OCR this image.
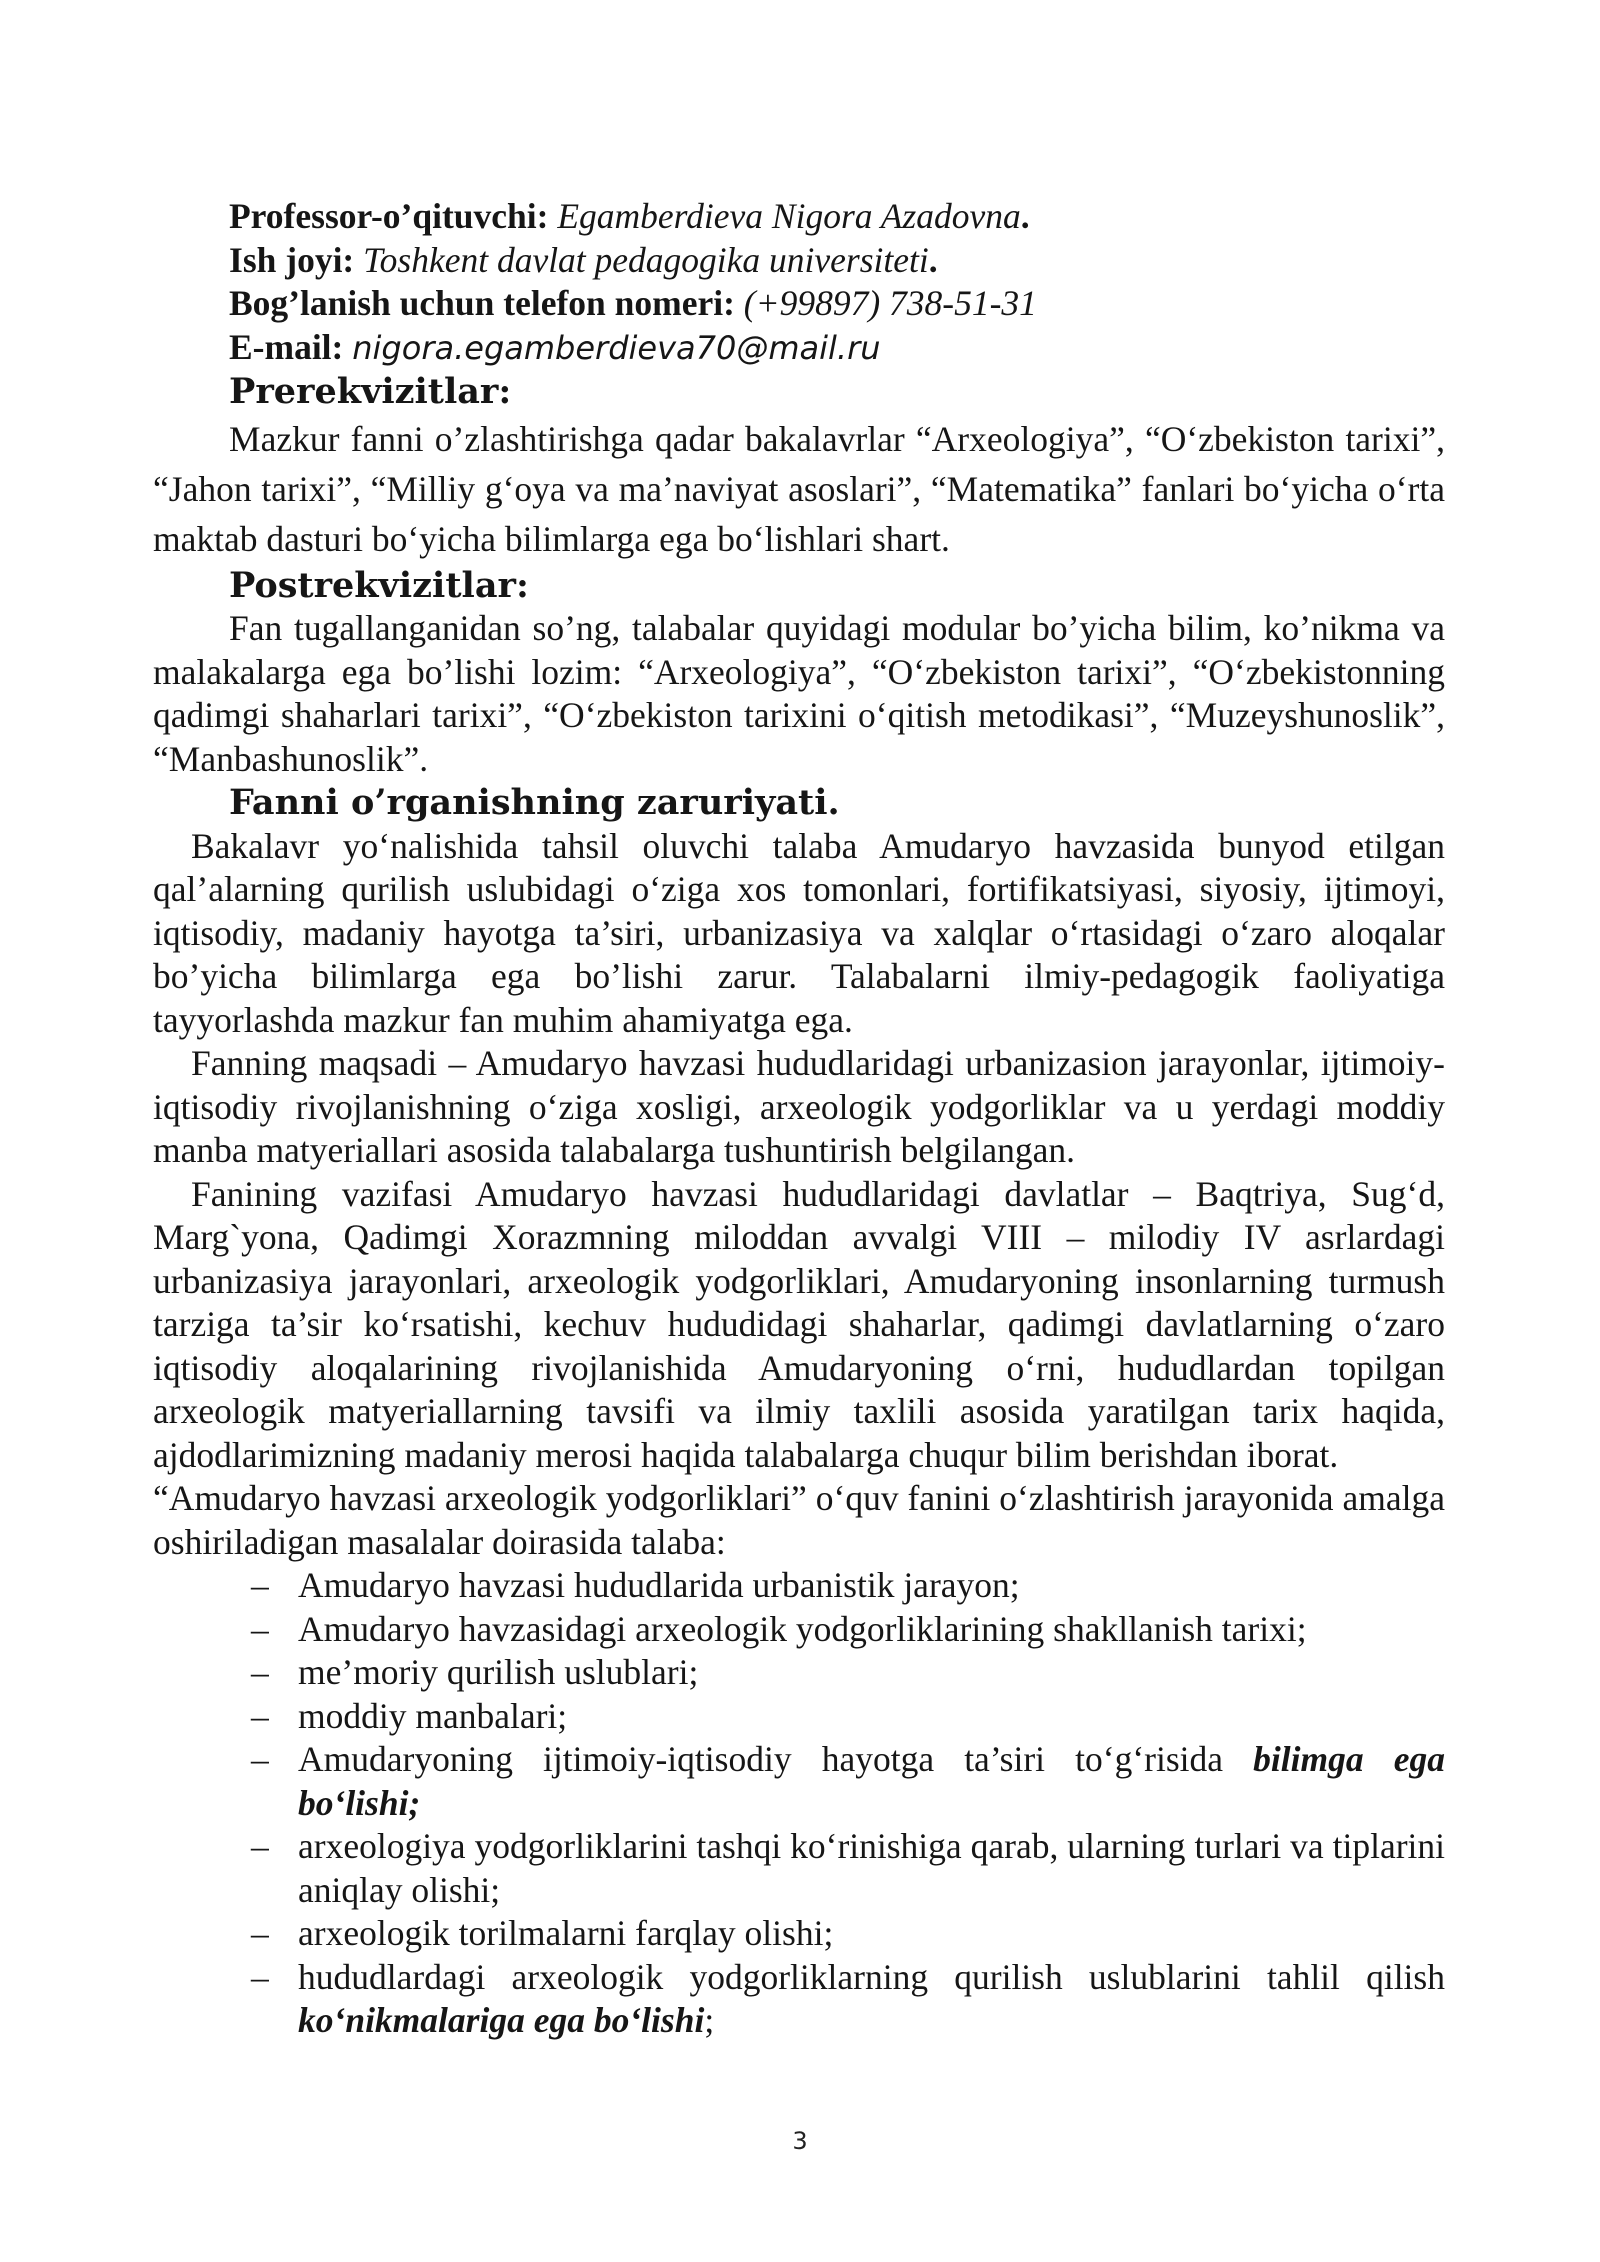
Professor-o’qituvchi: Egamberdieva Nigora Azadovna.

Ish joyi: Toshkent davlat pedagogika universiteti.

Bog’lanish uchun telefon nomeri: (+99897) 738-51-31

E-mail: nigora.egamberdieva70@mail.ru

Prerekvizitlar:

Mazkur fanni o’zlashtirishga qadar bakalavrlar “Arxeologiya”, “O‘zbekiston tarixi”, “Jahon tarixi”, “Milliy g‘oya va ma’naviyat asoslari”, “Matematika” fanlari bo‘yicha o‘rta maktab dasturi bo‘yicha bilimlarga ega bo‘lishlari shart.

Postrekvizitlar:

Fan tugallanganidan so’ng, talabalar quyidagi modular bo’yicha bilim, ko’nikma va malakalarga ega bo’lishi lozim: “Arxeologiya”, “O‘zbekiston tarixi”, “O‘zbekistonning qadimgi shaharlari tarixi”, “O‘zbekiston tarixini o‘qitish metodikasi”, “Muzeyshunoslik”, “Manbashunoslik”.

Fanni o’rganishning zaruriyati.

Bakalavr yo‘nalishida tahsil oluvchi talaba Amudaryo havzasida bunyod etilgan qal’alarning qurilish uslubidagi o‘ziga xos tomonlari, fortifikatsiyasi, siyosiy, ijtimoyi, iqtisodiy, madaniy hayotga ta’siri, urbanizasiya va xalqlar o‘rtasidagi o‘zaro aloqalar bo’yicha bilimlarga ega bo’lishi zarur. Talabalarni ilmiy-pedagogik faoliyatiga tayyorlashda mazkur fan muhim ahamiyatga ega.

Fanning maqsadi – Amudaryo havzasi hududlaridagi urbanizasion jarayonlar, ijtimoiy-iqtisodiy rivojlanishning o‘ziga xosligi, arxeologik yodgorliklar va u yerdagi moddiy manba matyeriallari asosida talabalarga tushuntirish belgilangan.

Fanining vazifasi Amudaryo havzasi hududlaridagi davlatlar – Baqtriya, Sug‘d, Marg`yona, Qadimgi Xorazmning miloddan avvalgi VIII – milodiy IV asrlardagi urbanizasiya jarayonlari, arxeologik yodgorliklari, Amudaryoning insonlarning turmush tarziga ta’sir ko‘rsatishi, kechuv hududidagi shaharlar, qadimgi davlatlarning o‘zaro iqtisodiy aloqalarining rivojlanishida Amudaryoning o‘rni, hududlardan topilgan arxeologik matyeriallarning tavsifi va ilmiy taxlili asosida yaratilgan tarix haqida, ajdodlarimizning madaniy merosi haqida talabalarga chuqur bilim berishdan iborat.

“Amudaryo havzasi arxeologik yodgorliklari” o‘quv fanini o‘zlashtirish jarayonida amalga oshiriladigan masalalar doirasida talaba:

– Amudaryo havzasi hududlarida urbanistik jarayon;
– Amudaryo havzasidagi arxeologik yodgorliklarining shakllanish tarixi;
– me’moriy qurilish uslublari;
– moddiy manbalari;
– Amudaryoning ijtimoiy-iqtisodiy hayotga ta’siri to‘g‘risida bilimga ega bo‘lishi;
– arxeologiya yodgorliklarini tashqi ko‘rinishiga qarab, ularning turlari va tiplarini aniqlay olishi;
– arxeologik torilmalarni farqlay olishi;
– hududlardagi arxeologik yodgorliklarning qurilish uslublarini tahlil qilish ko‘nikmalariga ega bo‘lishi;
3
